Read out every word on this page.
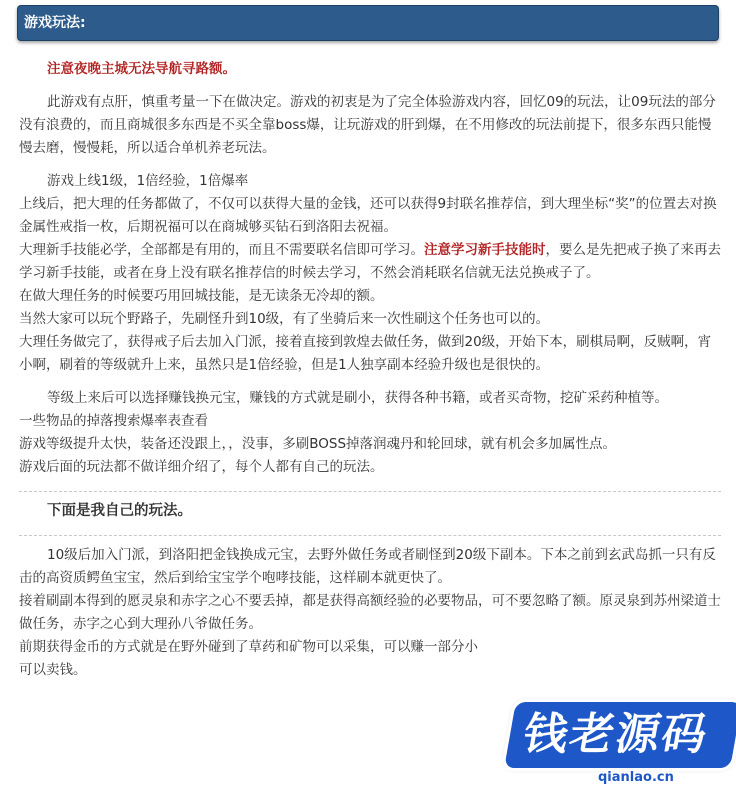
游戏玩法:

注意夜晚主城无法导航寻路额。

此游戏有点肝，慎重考量一下在做决定。游戏的初衷是为了完全体验游戏内容，回忆09的玩法，让09玩法的部分没有浪费的，而且商城很多东西是不买全靠boss爆，让玩游戏的肝到爆，在不用修改的玩法前提下，很多东西只能慢慢去磨，慢慢耗，所以适合单机养老玩法。

游戏上线1级，1倍经验，1倍爆率

上线后，把大理的任务都做了，不仅可以获得大量的金钱，还可以获得9封联名推荐信，到大理坐标“奖”的位置去对换金属性戒指一枚，后期祝福可以在商城够买钻石到洛阳去祝福。

大理新手技能必学，全部都是有用的，而且不需要联名信即可学习。注意学习新手技能时，要么是先把戒子换了来再去学习新手技能，或者在身上没有联名推荐信的时候去学习，不然会消耗联名信就无法兑换戒子了。

在做大理任务的时候要巧用回城技能，是无读条无冷却的额。

当然大家可以玩个野路子，先刷怪升到10级，有了坐骑后来一次性刷这个任务也可以的。

大理任务做完了，获得戒子后去加入门派，接着直接到敦煌去做任务，做到20级，开始下本，刷棋局啊，反贼啊，宵小啊，刷着的等级就升上来，虽然只是1倍经验，但是1人独享副本经验升级也是很快的。

等级上来后可以选择赚钱换元宝，赚钱的方式就是刷小，获得各种书籍，或者买奇物，挖矿采药种植等。

一些物品的掉落搜索爆率表查看

游戏等级提升太快，装备还没跟上，，没事，多刷BOSS掉落润魂丹和轮回球，就有机会多加属性点。

游戏后面的玩法都不做详细介绍了，每个人都有自己的玩法。

下面是我自己的玩法。

10级后加入门派，到洛阳把金钱换成元宝，去野外做任务或者刷怪到20级下副本。下本之前到玄武岛抓一只有反击的高资质鳄鱼宝宝，然后到给宝宝学个咆哮技能，这样刷本就更快了。

接着刷副本得到的愿灵泉和赤字之心不要丢掉，都是获得高额经验的必要物品，可不要忽略了额。原灵泉到苏州梁道士做任务，赤字之心到大理孙八爷做任务。

前期获得金币的方式就是在野外碰到了草药和矿物可以采集，可以赚一部分小

可以卖钱。

钱老源码
qianlao.cn
